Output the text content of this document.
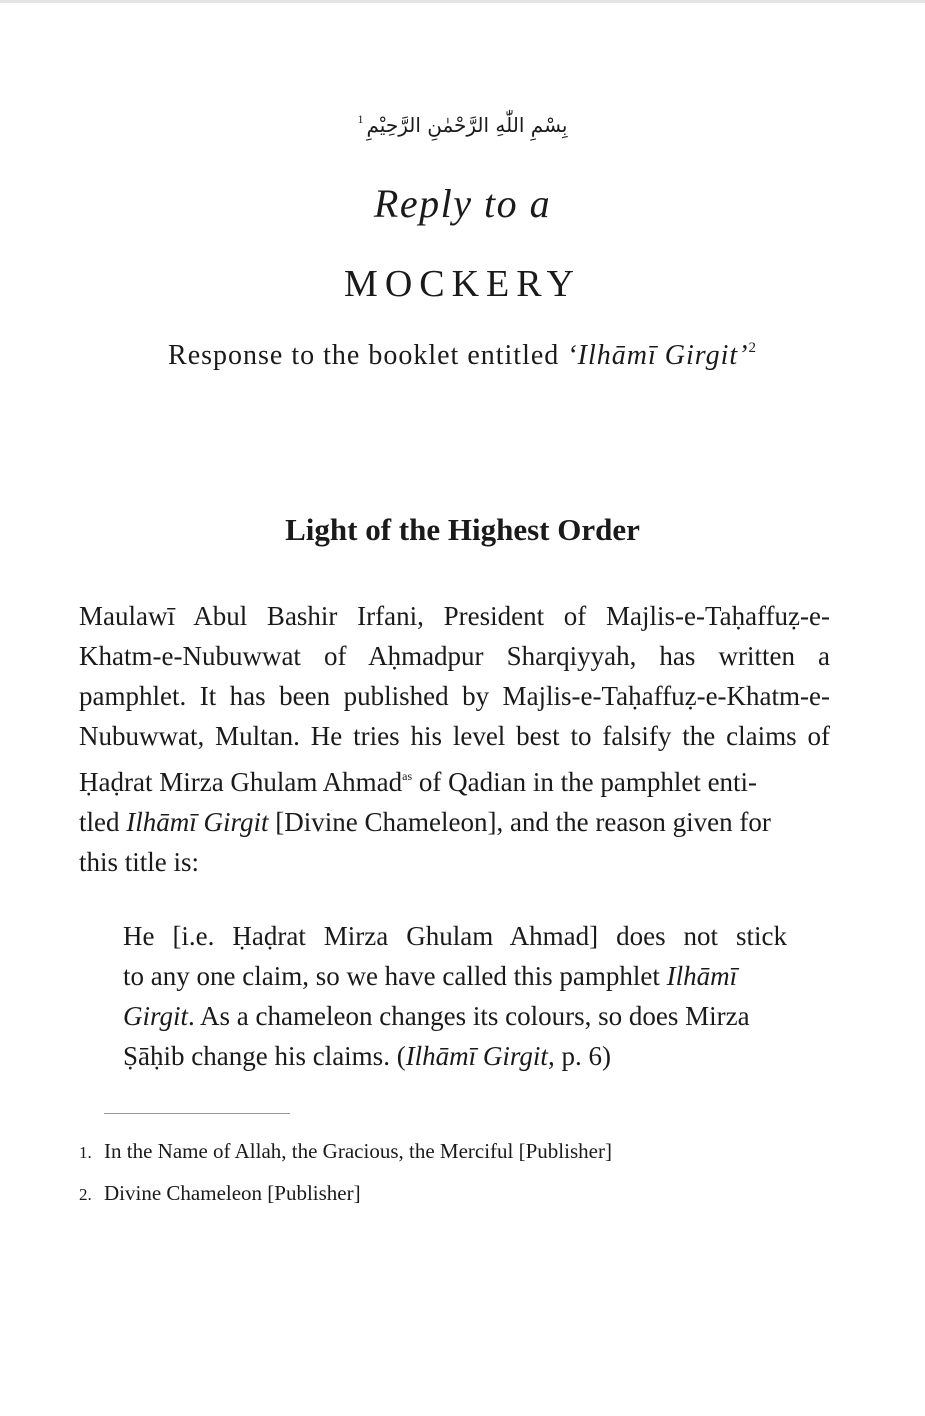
$^1$ بِسْمِ اللّٰهِ الرَّحْمٰنِ الرَّحِيْمِ
Reply to a
MOCKERY
Response to the booklet entitled ‘Ilhāmī Girgit’$^2$
Light of the Highest Order
Maulawī Abul Bashir Irfani, President of Majlis-e-Taḥaffuẓ-e-
Khatm-e-Nubuwwat of Aḥmadpur Sharqiyyah, has written a
pamphlet. It has been published by Majlis-e-Taḥaffuẓ-e-Khatm-e-
Nubuwwat, Multan. He tries his level best to falsify the claims of
Ḥaḍrat Mirza Ghulam Ahmad$^{as}$ of Qadian in the pamphlet enti-
tled Ilhāmī Girgit [Divine Chameleon], and the reason given for
this title is:
He [i.e. Ḥaḍrat Mirza Ghulam Ahmad] does not stick
to any one claim, so we have called this pamphlet Ilhāmī
Girgit. As a chameleon changes its colours, so does Mirza
Ṣāḥib change his claims. (Ilhāmī Girgit, p. 6)
1. In the Name of Allah, the Gracious, the Merciful [Publisher]
2. Divine Chameleon [Publisher]
